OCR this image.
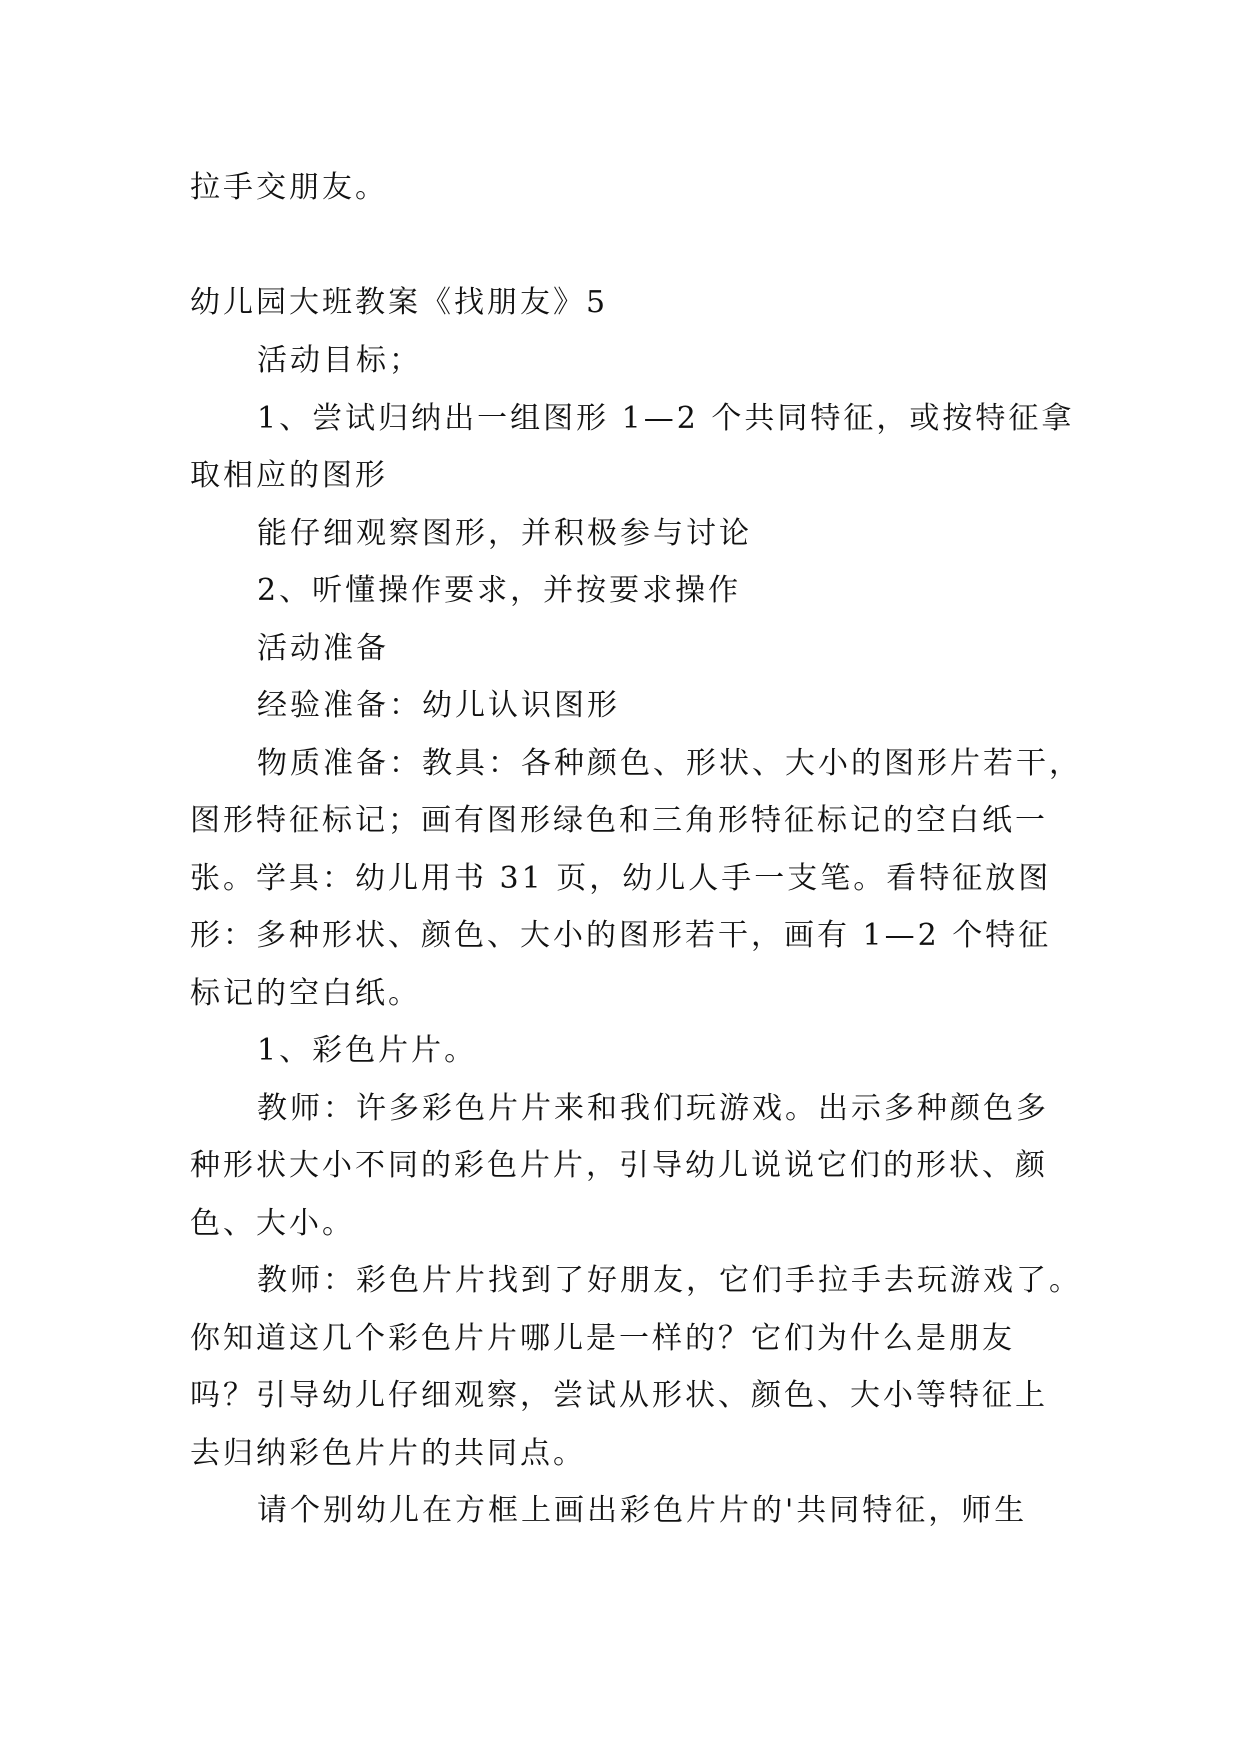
拉手交朋友。
幼儿园大班教案《找朋友》5
活动目标；
1、尝试归纳出一组图形 1—2 个共同特征，或按特征拿
取相应的图形
能仔细观察图形，并积极参与讨论
2、听懂操作要求，并按要求操作
活动准备
经验准备：幼儿认识图形
物质准备：教具：各种颜色、形状、大小的图形片若干，
图形特征标记；画有图形绿色和三角形特征标记的空白纸一
张。学具：幼儿用书 31 页，幼儿人手一支笔。看特征放图
形：多种形状、颜色、大小的图形若干，画有 1—2 个特征
标记的空白纸。
1、彩色片片。
教师：许多彩色片片来和我们玩游戏。出示多种颜色多
种形状大小不同的彩色片片，引导幼儿说说它们的形状、颜
色、大小。
教师：彩色片片找到了好朋友，它们手拉手去玩游戏了。
你知道这几个彩色片片哪儿是一样的？它们为什么是朋友
吗？引导幼儿仔细观察，尝试从形状、颜色、大小等特征上
去归纳彩色片片的共同点。
请个别幼儿在方框上画出彩色片片的'共同特征，师生
